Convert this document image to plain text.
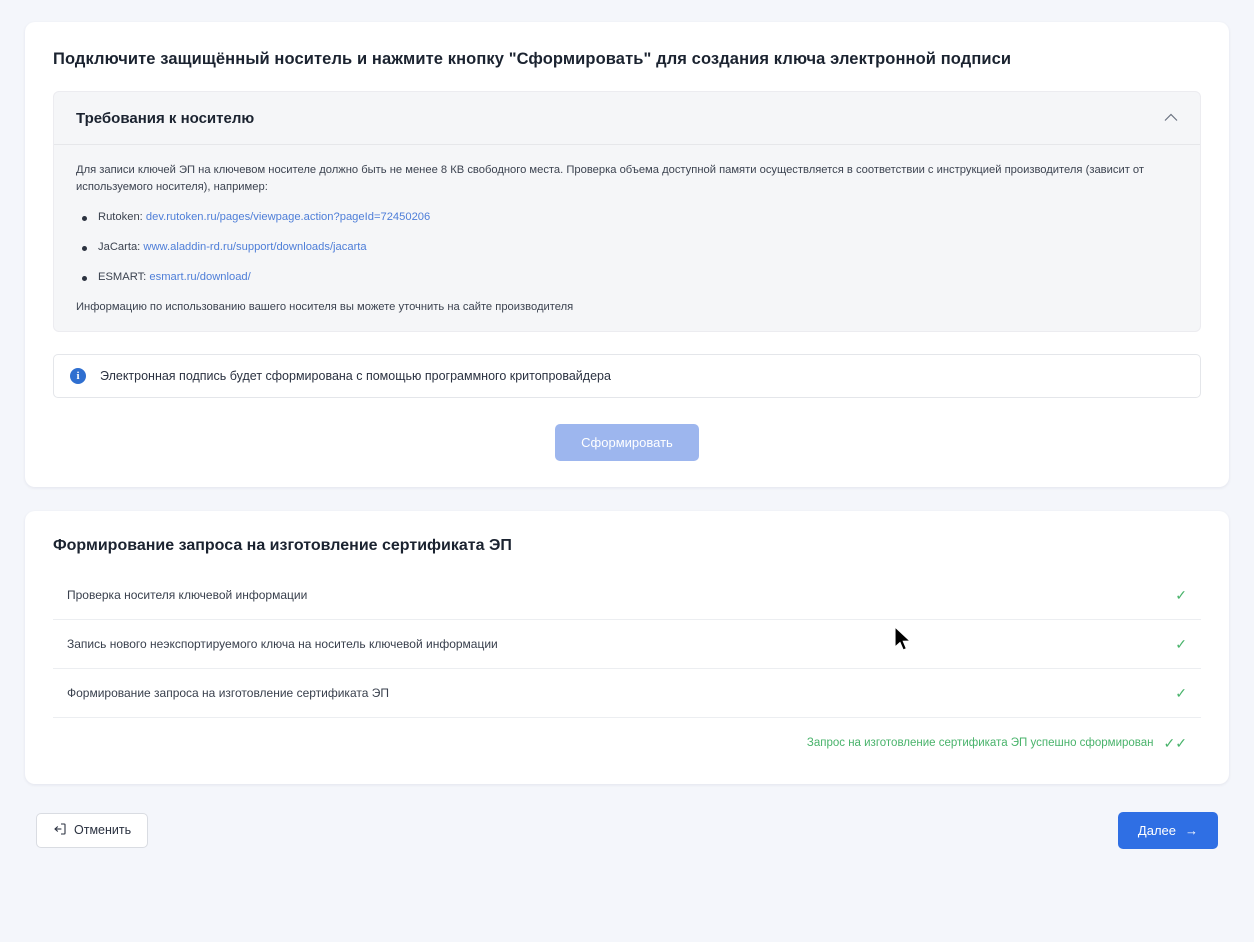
Подключите защищённый носитель и нажмите кнопку "Сформировать" для создания ключа электронной подписи
Требования к носителю

Для записи ключей ЭП на ключевом носителе должно быть не менее 8 КВ свободного места. Проверка объема доступной памяти осуществляется в соответствии с инструкцией производителя (зависит от используемого носителя), например:

Rutoken: dev.rutoken.ru/pages/viewpage.action?pageId=72450206
JaCarta: www.aladdin-rd.ru/support/downloads/jacarta
ESMART: esmart.ru/download/

Информацию по использованию вашего носителя вы можете уточнить на сайте производителя

i	Электронная подпись будет сформирована с помощью программного критопровайдера
Сформировать
Формирование запроса на изготовление сертификата ЭП
Проверка носителя ключевой информации	✓
Запись нового неэкспортируемого ключа на носитель ключевой информации	✓
Формирование запроса на изготовление сертификата ЭП	✓
Запрос на изготовление сертификата ЭП успешно сформирован ✓✓
Отменить	Далее →
